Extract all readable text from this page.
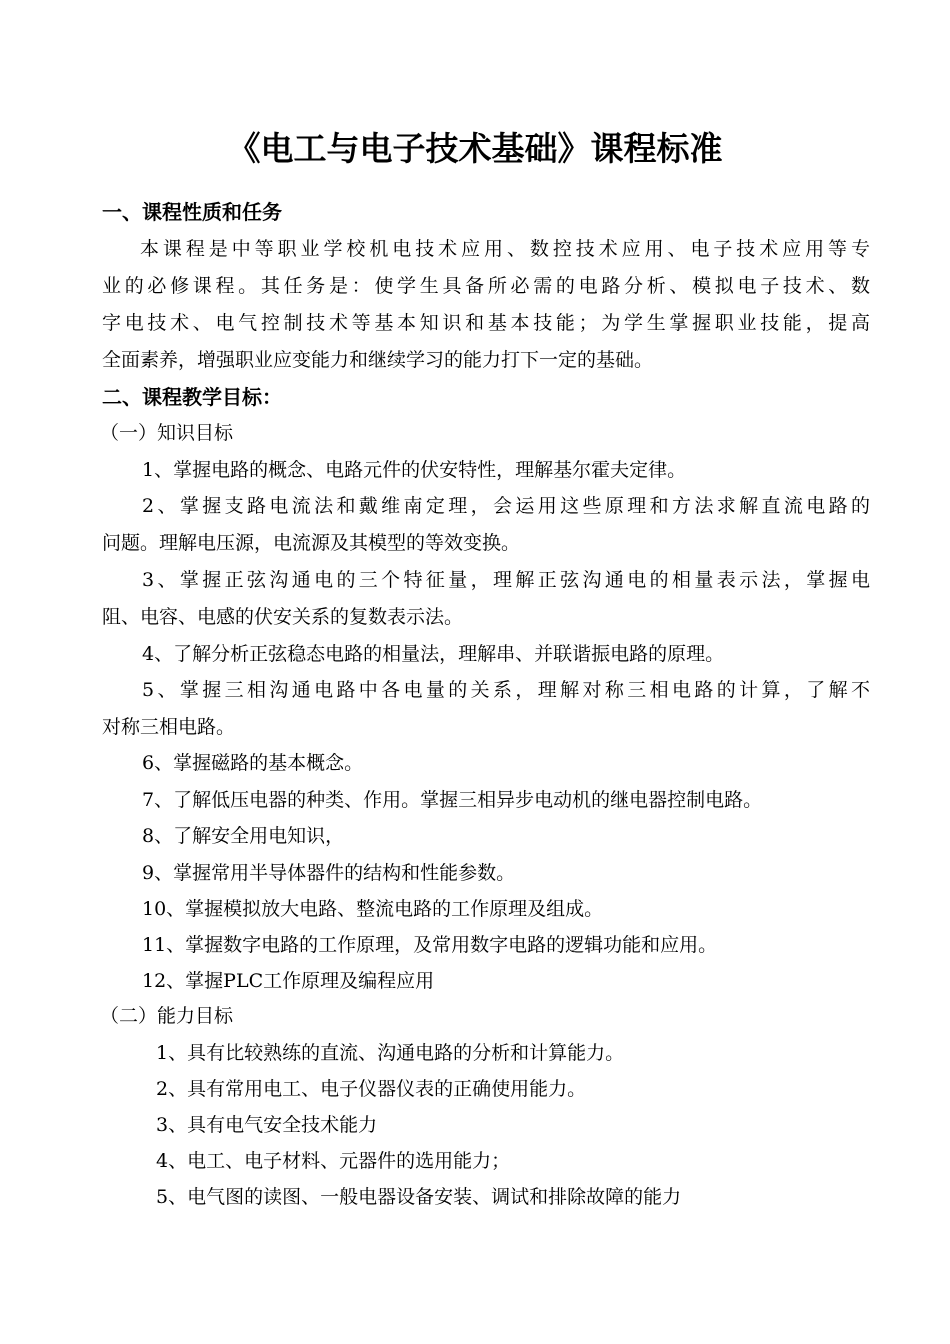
《电工与电子技术基础》课程标准
一、课程性质和任务
本课程是中等职业学校机电技术应用、数控技术应用、电子技术应用等专
业的必修课程。其任务是：使学生具备所必需的电路分析、模拟电子技术、数
字电技术、电气控制技术等基本知识和基本技能；为学生掌握职业技能，提高
全面素养，增强职业应变能力和继续学习的能力打下一定的基础。
二、课程教学目标：
（一）知识目标
1、掌握电路的概念、电路元件的伏安特性，理解基尔霍夫定律。
2、掌握支路电流法和戴维南定理，会运用这些原理和方法求解直流电路的
问题。理解电压源，电流源及其模型的等效变换。
3、掌握正弦沟通电的三个特征量，理解正弦沟通电的相量表示法，掌握电
阻、电容、电感的伏安关系的复数表示法。
4、了解分析正弦稳态电路的相量法，理解串、并联谐振电路的原理。
5、掌握三相沟通电路中各电量的关系，理解对称三相电路的计算，了解不
对称三相电路。
6、掌握磁路的基本概念。
7、了解低压电器的种类、作用。掌握三相异步电动机的继电器控制电路。
8、了解安全用电知识，
9、掌握常用半导体器件的结构和性能参数。
10、掌握模拟放大电路、整流电路的工作原理及组成。
11、掌握数字电路的工作原理，及常用数字电路的逻辑功能和应用。
12、掌握PLC工作原理及编程应用
（二）能力目标
1、具有比较熟练的直流、沟通电路的分析和计算能力。
2、具有常用电工、电子仪器仪表的正确使用能力。
3、具有电气安全技术能力
4、电工、电子材料、元器件的选用能力；
5、电气图的读图、一般电器设备安装、调试和排除故障的能力
